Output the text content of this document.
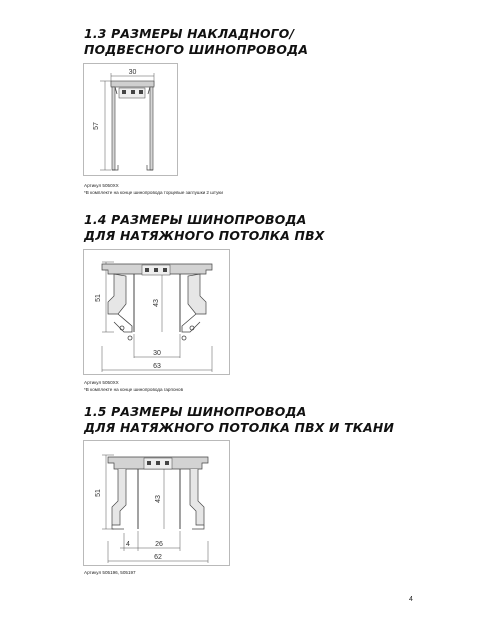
1.3 РАЗМЕРЫ НАКЛАДНОГО/
ПОДВЕСНОГО ШИНОПРОВОДА
30
57
Артикул 5050XX
*В комплекте на конце шинопровода торцевые заглушки 2 штуки
1.4 РАЗМЕРЫ ШИНОПРОВОДА
ДЛЯ НАТЯЖНОГО ПОТОЛКА ПВХ
51
43
30
63
Артикул 5050XX
*В комплекте на конце шинопровода гарпонов
1.5 РАЗМЕРЫ ШИНОПРОВОДА
ДЛЯ НАТЯЖНОГО ПОТОЛКА ПВХ И ТКАНИ
51
43
4	26
62
Артикул 505196, 505197
4
